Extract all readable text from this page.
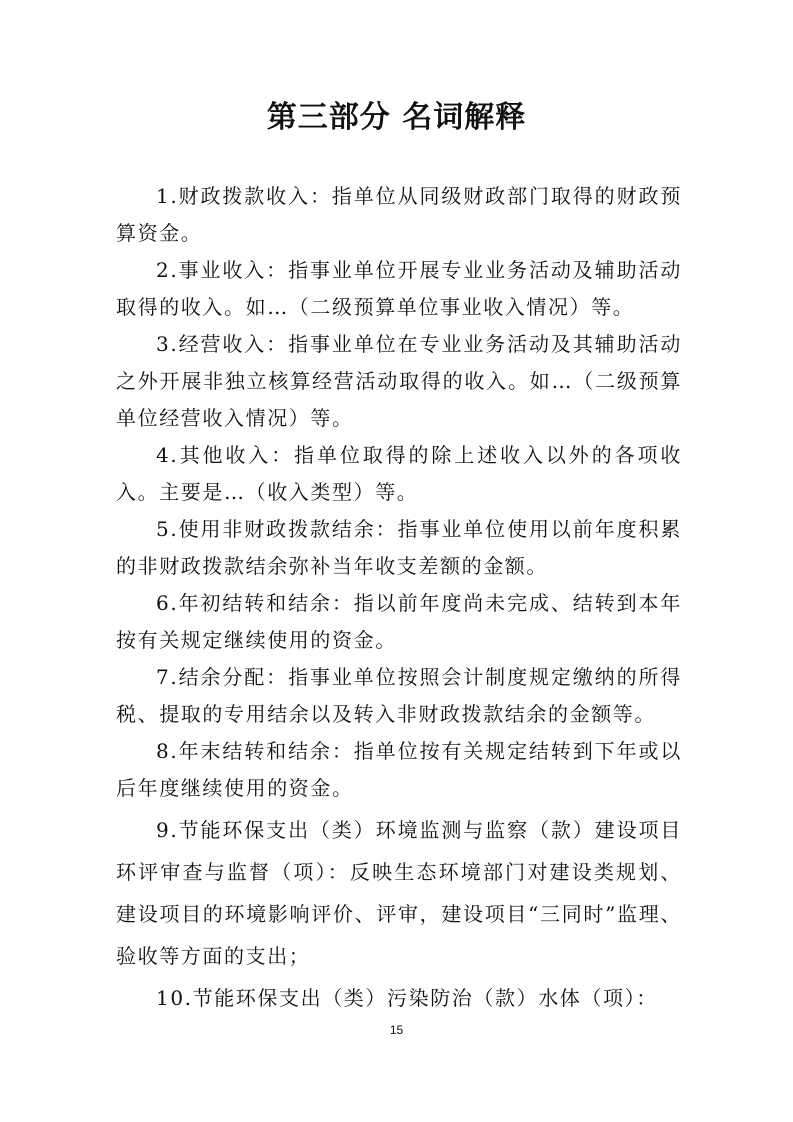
第三部分 名词解释

1.财政拨款收入：指单位从同级财政部门取得的财政预算资金。

2.事业收入：指事业单位开展专业业务活动及辅助活动取得的收入。如…（二级预算单位事业收入情况）等。

3.经营收入：指事业单位在专业业务活动及其辅助活动之外开展非独立核算经营活动取得的收入。如…（二级预算单位经营收入情况）等。

4.其他收入：指单位取得的除上述收入以外的各项收入。主要是…（收入类型）等。

5.使用非财政拨款结余：指事业单位使用以前年度积累的非财政拨款结余弥补当年收支差额的金额。

6.年初结转和结余：指以前年度尚未完成、结转到本年按有关规定继续使用的资金。

7.结余分配：指事业单位按照会计制度规定缴纳的所得税、提取的专用结余以及转入非财政拨款结余的金额等。

8.年末结转和结余：指单位按有关规定结转到下年或以后年度继续使用的资金。

9.节能环保支出（类）环境监测与监察（款）建设项目环评审查与监督（项）：反映生态环境部门对建设类规划、建设项目的环境影响评价、评审，建设项目“三同时”监理、验收等方面的支出；

10.节能环保支出（类）污染防治（款）水体（项）：

15
